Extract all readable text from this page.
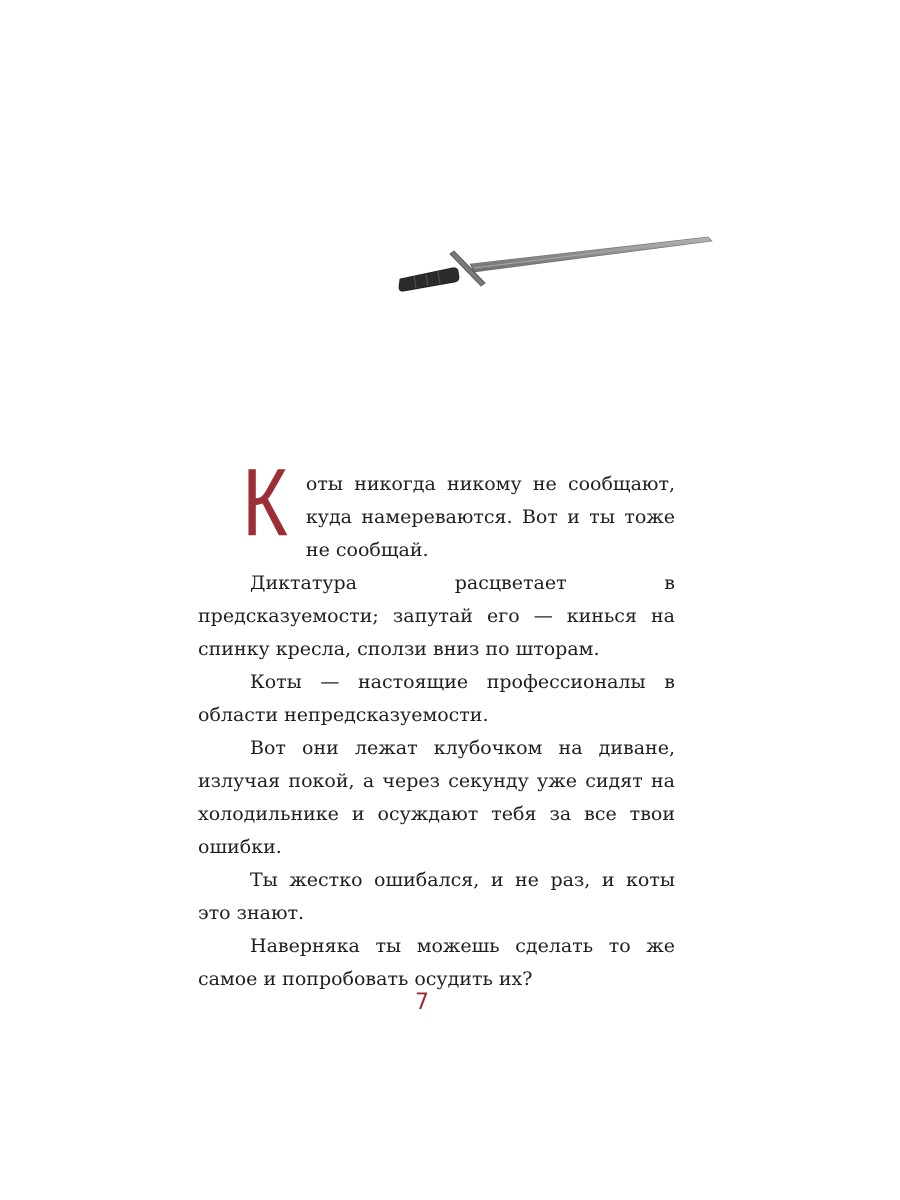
Коты никогда никому не сообщают, куда намереваются. Вот и ты тоже не сообщай.

Диктатура расцветает в предсказуемости; запутай его — кинься на спинку кресла, сползи вниз по шторам.

Коты — настоящие профессионалы в области непредсказуемости.

Вот они лежат клубочком на диване, излучая покой, а через секунду уже сидят на холодильнике и осуждают тебя за все твои ошибки.

Ты жестко ошибался, и не раз, и коты это знают.

Наверняка ты можешь сделать то же самое и попробовать осудить их?

7
